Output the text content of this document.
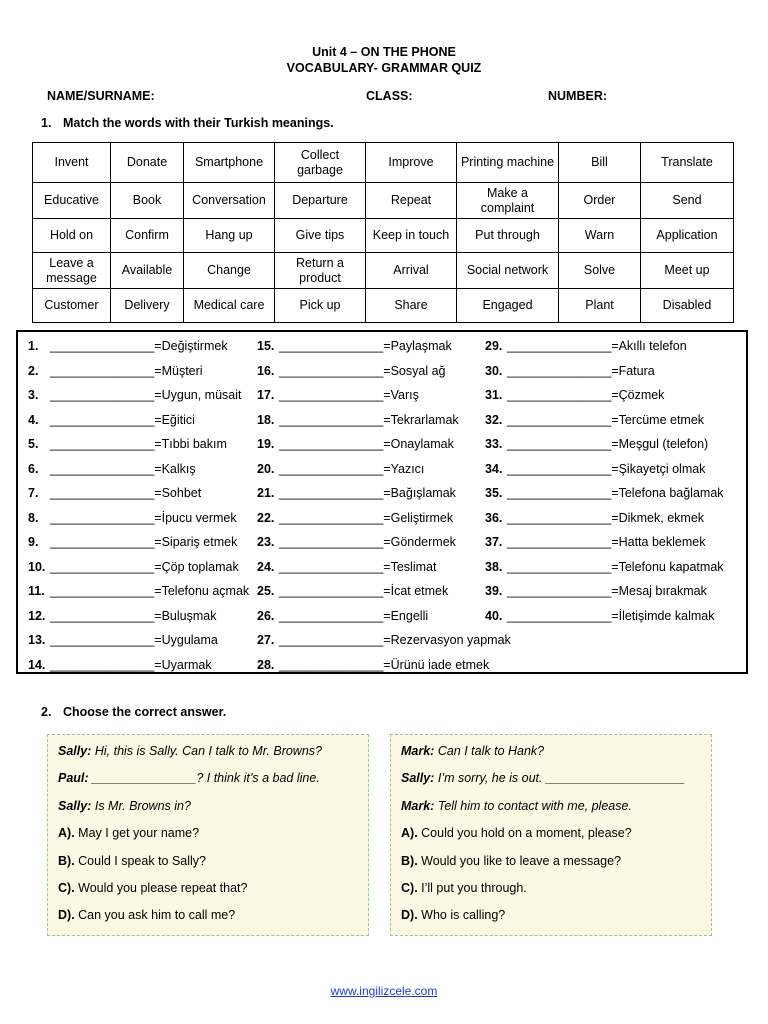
Unit 4 – ON THE PHONE
VOCABULARY- GRAMMAR QUIZ
NAME/SURNAME:	CLASS:	NUMBER:
1. Match the words with their Turkish meanings.
Invent	Donate	Smartphone	Collect garbage	Improve	Printing machine	Bill	Translate
Educative	Book	Conversation	Departure	Repeat	Make a complaint	Order	Send
Hold on	Confirm	Hang up	Give tips	Keep in touch	Put through	Warn	Application
Leave a message	Available	Change	Return a product	Arrival	Social network	Solve	Meet up
Customer	Delivery	Medical care	Pick up	Share	Engaged	Plant	Disabled
1. _______________=Değiştirmek
2. _______________=Müşteri
3. _______________=Uygun, müsait
4. _______________=Eğitici
5. _______________=Tıbbi bakım
6. _______________=Kalkış
7. _______________=Sohbet
8. _______________=İpucu vermek
9. _______________=Sipariş etmek
10. _______________=Çöp toplamak
11. _______________=Telefonu açmak
12. _______________=Buluşmak
13. _______________=Uygulama
14. _______________=Uyarmak
15. _______________=Paylaşmak
16. _______________=Sosyal ağ
17. _______________=Varış
18. _______________=Tekrarlamak
19. _______________=Onaylamak
20. _______________=Yazıcı
21. _______________=Bağışlamak
22. _______________=Geliştirmek
23. _______________=Göndermek
24. _______________=Teslimat
25. _______________=İcat etmek
26. _______________=Engelli
27. _______________=Rezervasyon yapmak
28. _______________=Ürünü iade etmek
29. _______________=Akıllı telefon
30. _______________=Fatura
31. _______________=Çözmek
32. _______________=Tercüme etmek
33. _______________=Meşgul (telefon)
34. _______________=Şikayetçi olmak
35. _______________=Telefona bağlamak
36. _______________=Dikmek, ekmek
37. _______________=Hatta beklemek
38. _______________=Telefonu kapatmak
39. _______________=Mesaj bırakmak
40. _______________=İletişimde kalmak
2. Choose the correct answer.
Sally: Hi, this is Sally. Can I talk to Mr. Browns?
Paul: _______________? I think it’s a bad line.
Sally: Is Mr. Browns in?
A). May I get your name?
B). Could I speak to Sally?
C). Would you please repeat that?
D). Can you ask him to call me?
Mark: Can I talk to Hank?
Sally: I’m sorry, he is out. ____________________
Mark: Tell him to contact with me, please.
A). Could you hold on a moment, please?
B). Would you like to leave a message?
C). I’ll put you through.
D). Who is calling?
www.ingilizcele.com
